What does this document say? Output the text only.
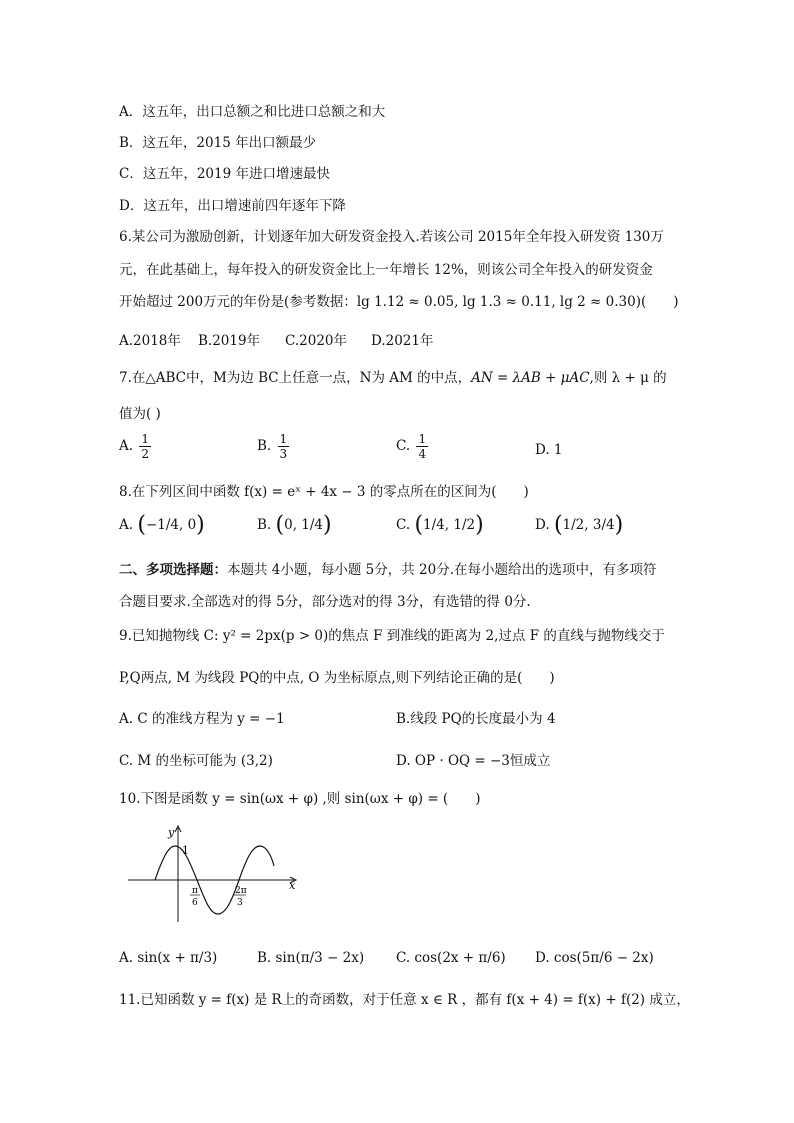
A．这五年，出口总额之和比进口总额之和大
B．这五年，2015 年出口额最少
C．这五年，2019 年进口增速最快
D．这五年，出口增速前四年逐年下降
6.某公司为激励创新，计划逐年加大研发资金投入.若该公司 2015年全年投入研发资 130万
元，在此基础上，每年投入的研发资金比上一年增长 12%，则该公司全年投入的研发资金
开始超过 200万元的年份是(参考数据：lg 1.12 ≈ 0.05, lg 1.3 ≈ 0.11, lg 2 ≈ 0.30)(　　)
A.2018年 B.2019年 C.2020年 D.2021年
7.在△ABC中，M为边 BC上任意一点，N为 AM 的中点，AN = λAB + μAC,则 λ + μ 的
值为( )
A. $\frac{1}{2}$	B. $\frac{1}{3}$	C. $\frac{1}{4}$	D. 1
8.在下列区间中函数 f(x) = eˣ + 4x − 3 的零点所在的区间为(　　)
A. (−1/4, 0)	B. (0, 1/4)	C. (1/4, 1/2)	D. (1/2, 3/4)
二、多项选择题：本题共 4小题，每小题 5分，共 20分.在每小题给出的选项中，有多项符
合题目要求.全部选对的得 5分，部分选对的得 3分，有选错的得 0分.
9.已知抛物线 C: y² = 2px(p > 0)的焦点 F 到准线的距离为 2,过点 F 的直线与抛物线交于
P,Q两点, M 为线段 PQ的中点, O 为坐标原点,则下列结论正确的是(　　)
A. C 的准线方程为 y = −1	B.线段 PQ的长度最小为 4
C. M 的坐标可能为 (3,2)	D. OP · OQ = −3恒成立
10.下图是函数 y = sin(ωx + φ) ,则 sin(ωx + φ) = (　　)
y
x
1
π
6
2π
3
A. sin(x + π/3)	B. sin(π/3 − 2x) C. cos(2x + π/6) D. cos(5π/6 − 2x)
11.已知函数 y = f(x) 是 R上的奇函数，对于任意 x ∈ R ，都有 f(x + 4) = f(x) + f(2) 成立，
